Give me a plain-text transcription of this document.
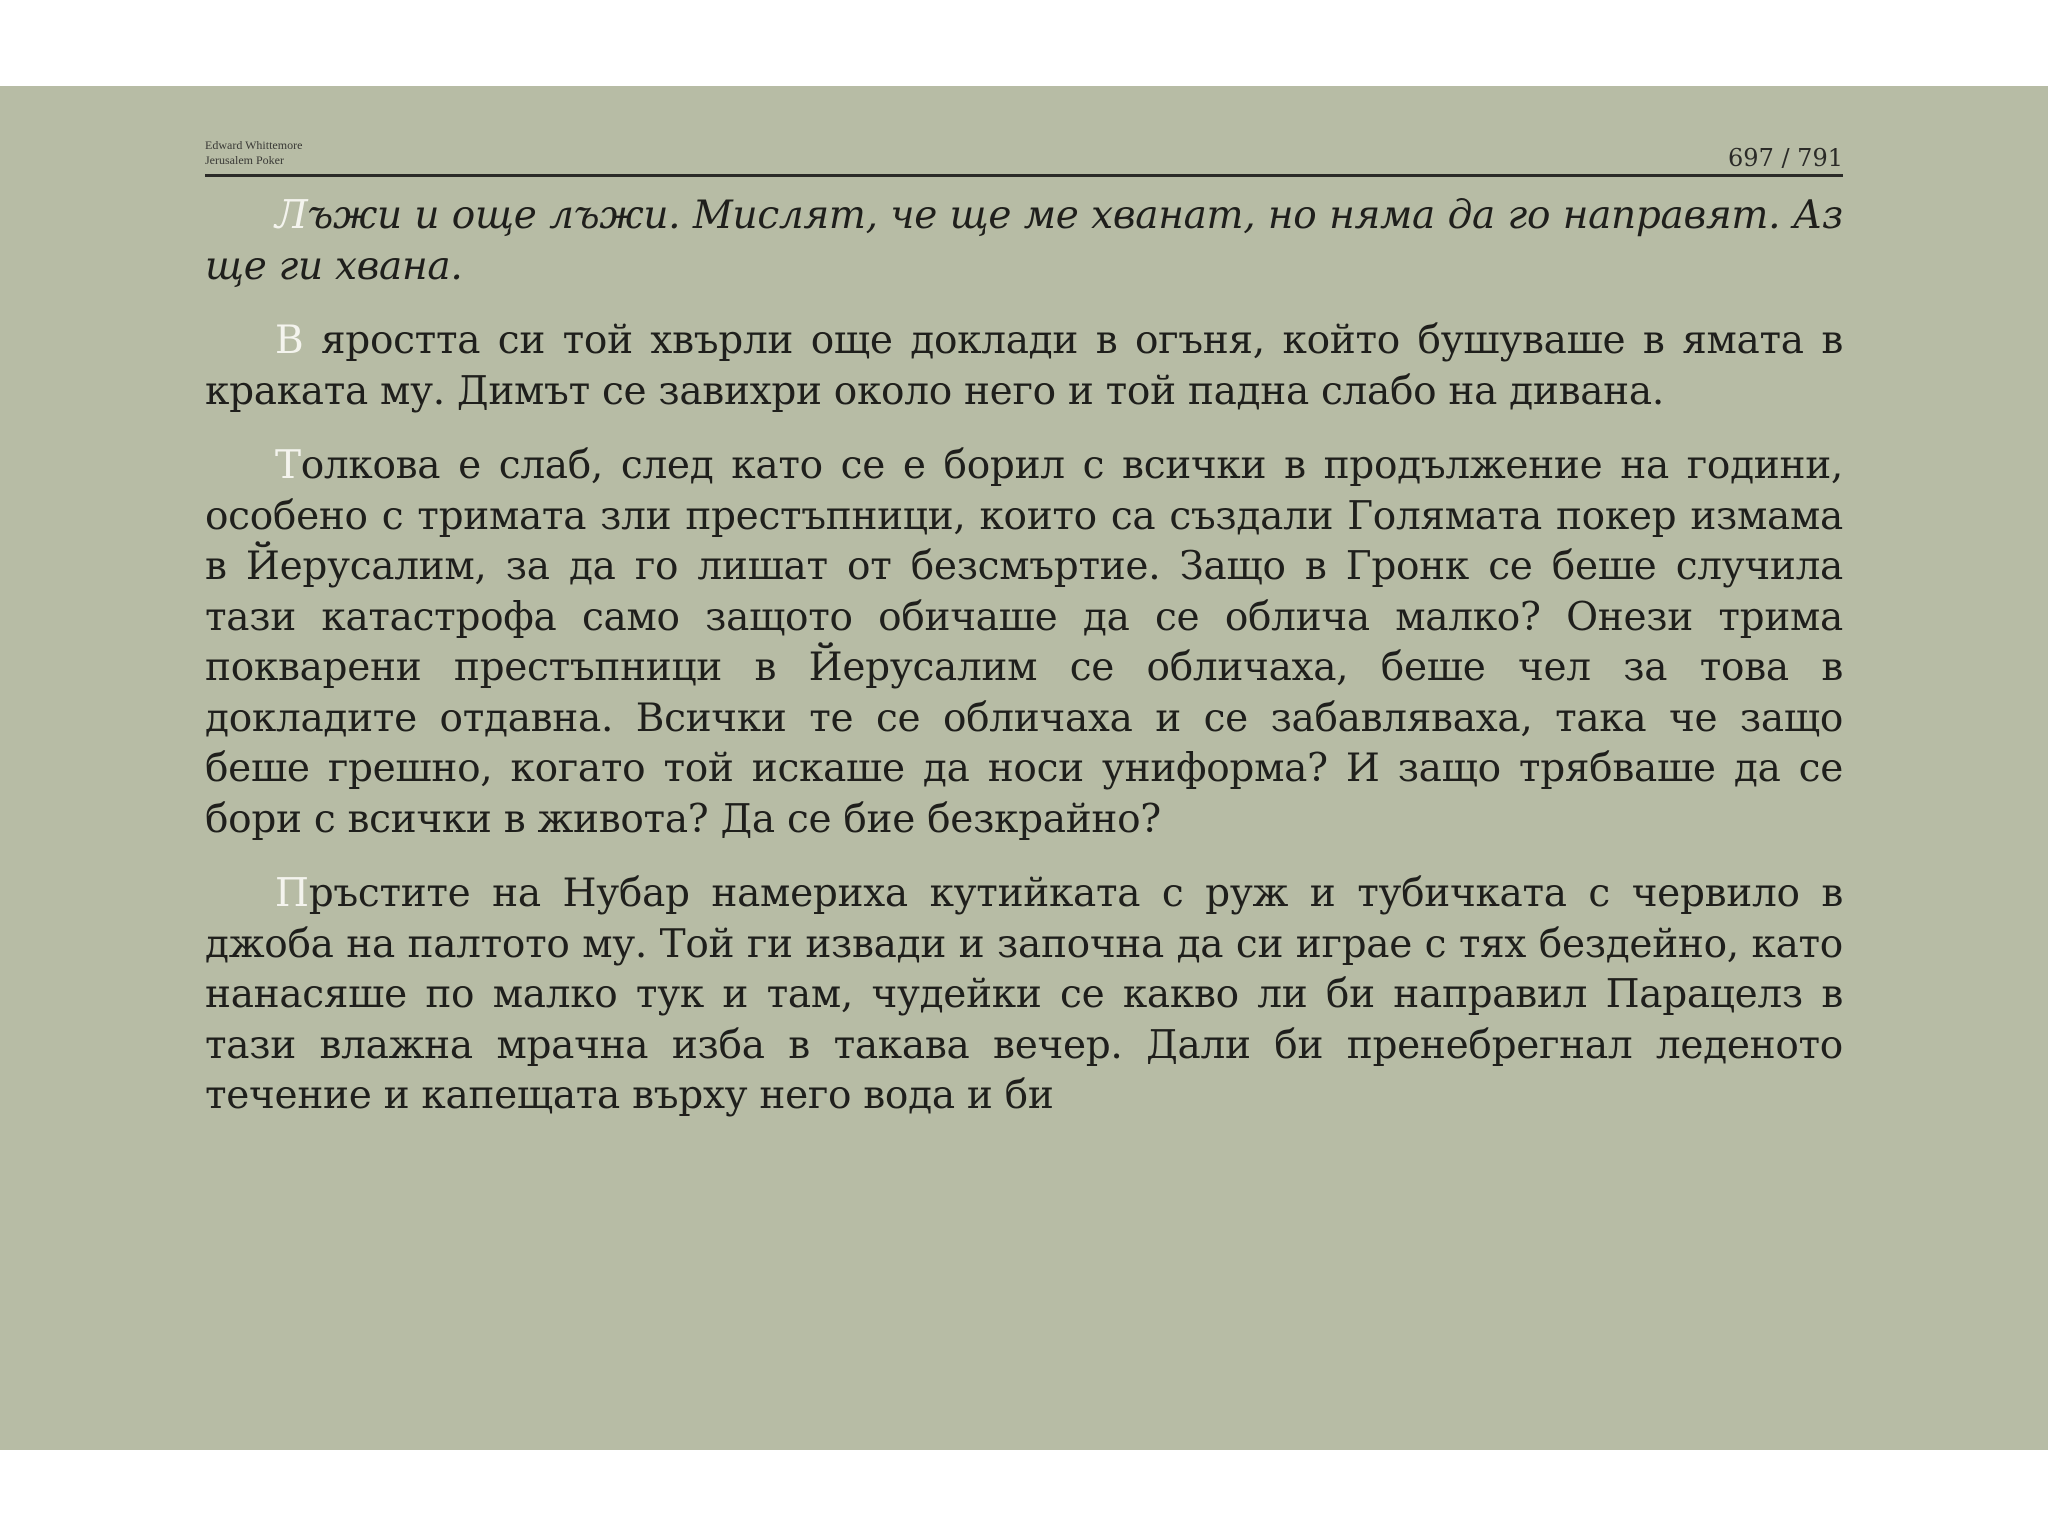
Edward Whittemore
Jerusalem Poker	697 / 791

Лъжи и още лъжи. Мислят, че ще ме хванат, но няма да го направят. Аз ще ги хвана.

В яростта си той хвърли още доклади в огъня, който бушуваше в ямата в краката му. Димът се завихри около него и той падна слабо на дивана.

Толкова е слаб, след като се е борил с всички в продължение на години, особено с тримата зли престъпници, които са създали Голямата покер измама в Йерусалим, за да го лишат от безсмъртие. Защо в Гронк се беше случила тази катастрофа само защото обичаше да се облича малко? Онези трима покварени престъпници в Йерусалим се обличаха, беше чел за това в докладите отдавна. Всички те се обличаха и се забавляваха, така че защо беше грешно, когато той искаше да носи униформа? И защо трябваше да се бори с всички в живота? Да се бие безкрайно?

Пръстите на Нубар намериха кутийката с руж и тубичката с червило в джоба на палтото му. Той ги извади и започна да си играе с тях бездейно, като нанасяше по малко тук и там, чудейки се какво ли би направил Парацелз в тази влажна мрачна изба в такава вечер. Дали би пренебрегнал леденото течение и капещата върху него вода и би
